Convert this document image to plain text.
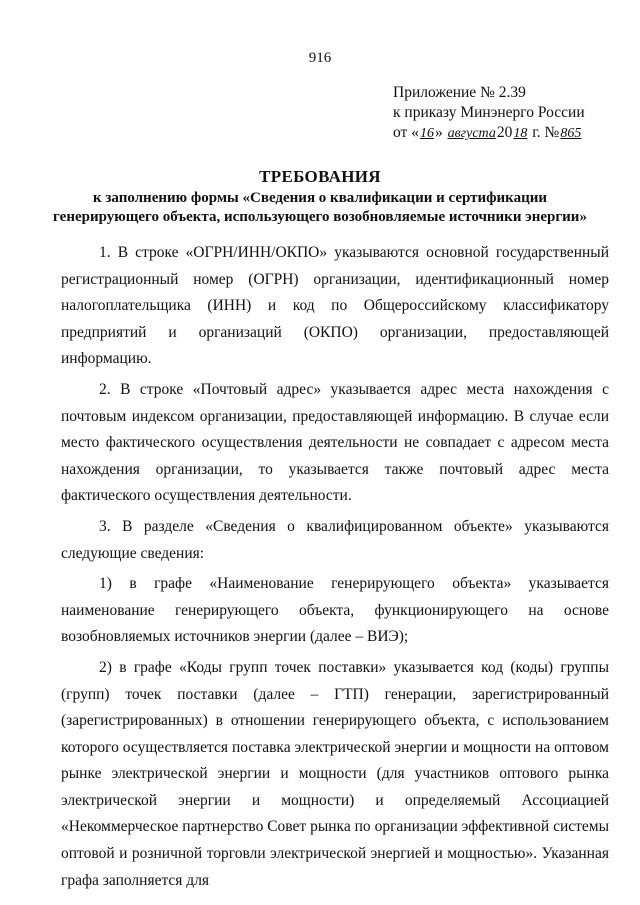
916
Приложение № 2.39
к приказу Минэнерго России
от «16» августа2018 г. №865
ТРЕБОВАНИЯ
к заполнению формы «Сведения о квалификации и сертификации
генерирующего объекта, использующего возобновляемые источники энергии»

1. В строке «ОГРН/ИНН/ОКПО» указываются основной государственный регистрационный номер (ОГРН) организации, идентификационный номер налогоплательщика (ИНН) и код по Общероссийскому классификатору предприятий и организаций (ОКПО) организации, предоставляющей информацию.

2. В строке «Почтовый адрес» указывается адрес места нахождения с почтовым индексом организации, предоставляющей информацию. В случае если место фактического осуществления деятельности не совпадает с адресом места нахождения организации, то указывается также почтовый адрес места фактического осуществления деятельности.

3. В разделе «Сведения о квалифицированном объекте» указываются следующие сведения:

1) в графе «Наименование генерирующего объекта» указывается наименование генерирующего объекта, функционирующего на основе возобновляемых источников энергии (далее – ВИЭ);

2) в графе «Коды групп точек поставки» указывается код (коды) группы (групп) точек поставки (далее – ГТП) генерации, зарегистрированный (зарегистрированных) в отношении генерирующего объекта, с использованием которого осуществляется поставка электрической энергии и мощности на оптовом рынке электрической энергии и мощности (для участников оптового рынка электрической энергии и мощности) и определяемый Ассоциацией «Некоммерческое партнерство Совет рынка по организации эффективной системы оптовой и розничной торговли электрической энергией и мощностью». Указанная графа заполняется для
